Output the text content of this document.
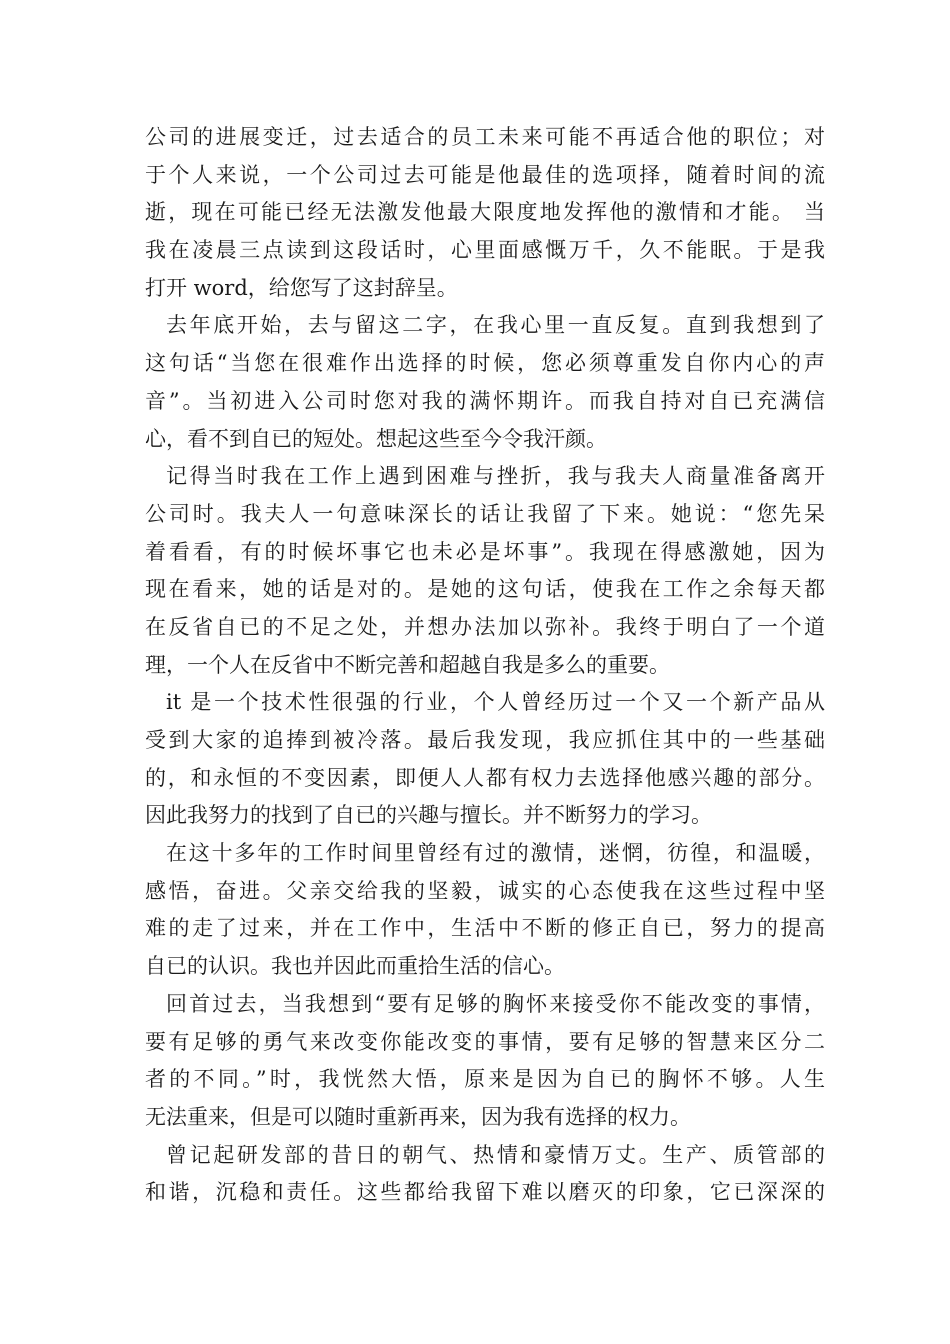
公司的进展变迁，过去适合的员工未来可能不再适合他的职位；对
于个人来说，一个公司过去可能是他最佳的选项择，随着时间的流
逝，现在可能已经无法激发他最大限度地发挥他的激情和才能。 当
我在凌晨三点读到这段话时，心里面感慨万千，久不能眠。于是我
打开 word，给您写了这封辞呈。
去年底开始，去与留这二字，在我心里一直反复。直到我想到了
这句话“当您在很难作出选择的时候，您必须尊重发自你内心的声
音”。当初进入公司时您对我的满怀期许。而我自持对自已充满信
心，看不到自已的短处。想起这些至今令我汗颜。
记得当时我在工作上遇到困难与挫折，我与我夫人商量准备离开
公司时。我夫人一句意味深长的话让我留了下来。她说：“您先呆
着看看，有的时候坏事它也未必是坏事”。我现在得感激她，因为
现在看来，她的话是对的。是她的这句话，使我在工作之余每天都
在反省自已的不足之处，并想办法加以弥补。我终于明白了一个道
理，一个人在反省中不断完善和超越自我是多么的重要。
it 是一个技术性很强的行业，个人曾经历过一个又一个新产品从
受到大家的追捧到被冷落。最后我发现，我应抓住其中的一些基础
的，和永恒的不变因素，即便人人都有权力去选择他感兴趣的部分。
因此我努力的找到了自已的兴趣与擅长。并不断努力的学习。
在这十多年的工作时间里曾经有过的激情，迷惘，彷徨，和温暖，
感悟，奋进。父亲交给我的坚毅，诚实的心态使我在这些过程中坚
难的走了过来，并在工作中，生活中不断的修正自已，努力的提高
自已的认识。我也并因此而重拾生活的信心。
回首过去，当我想到“要有足够的胸怀来接受你不能改变的事情，
要有足够的勇气来改变你能改变的事情，要有足够的智慧来区分二
者的不同。”时，我恍然大悟，原来是因为自已的胸怀不够。人生
无法重来，但是可以随时重新再来，因为我有选择的权力。
曾记起研发部的昔日的朝气、热情和豪情万丈。生产、质管部的
和谐，沉稳和责任。这些都给我留下难以磨灭的印象，它已深深的
